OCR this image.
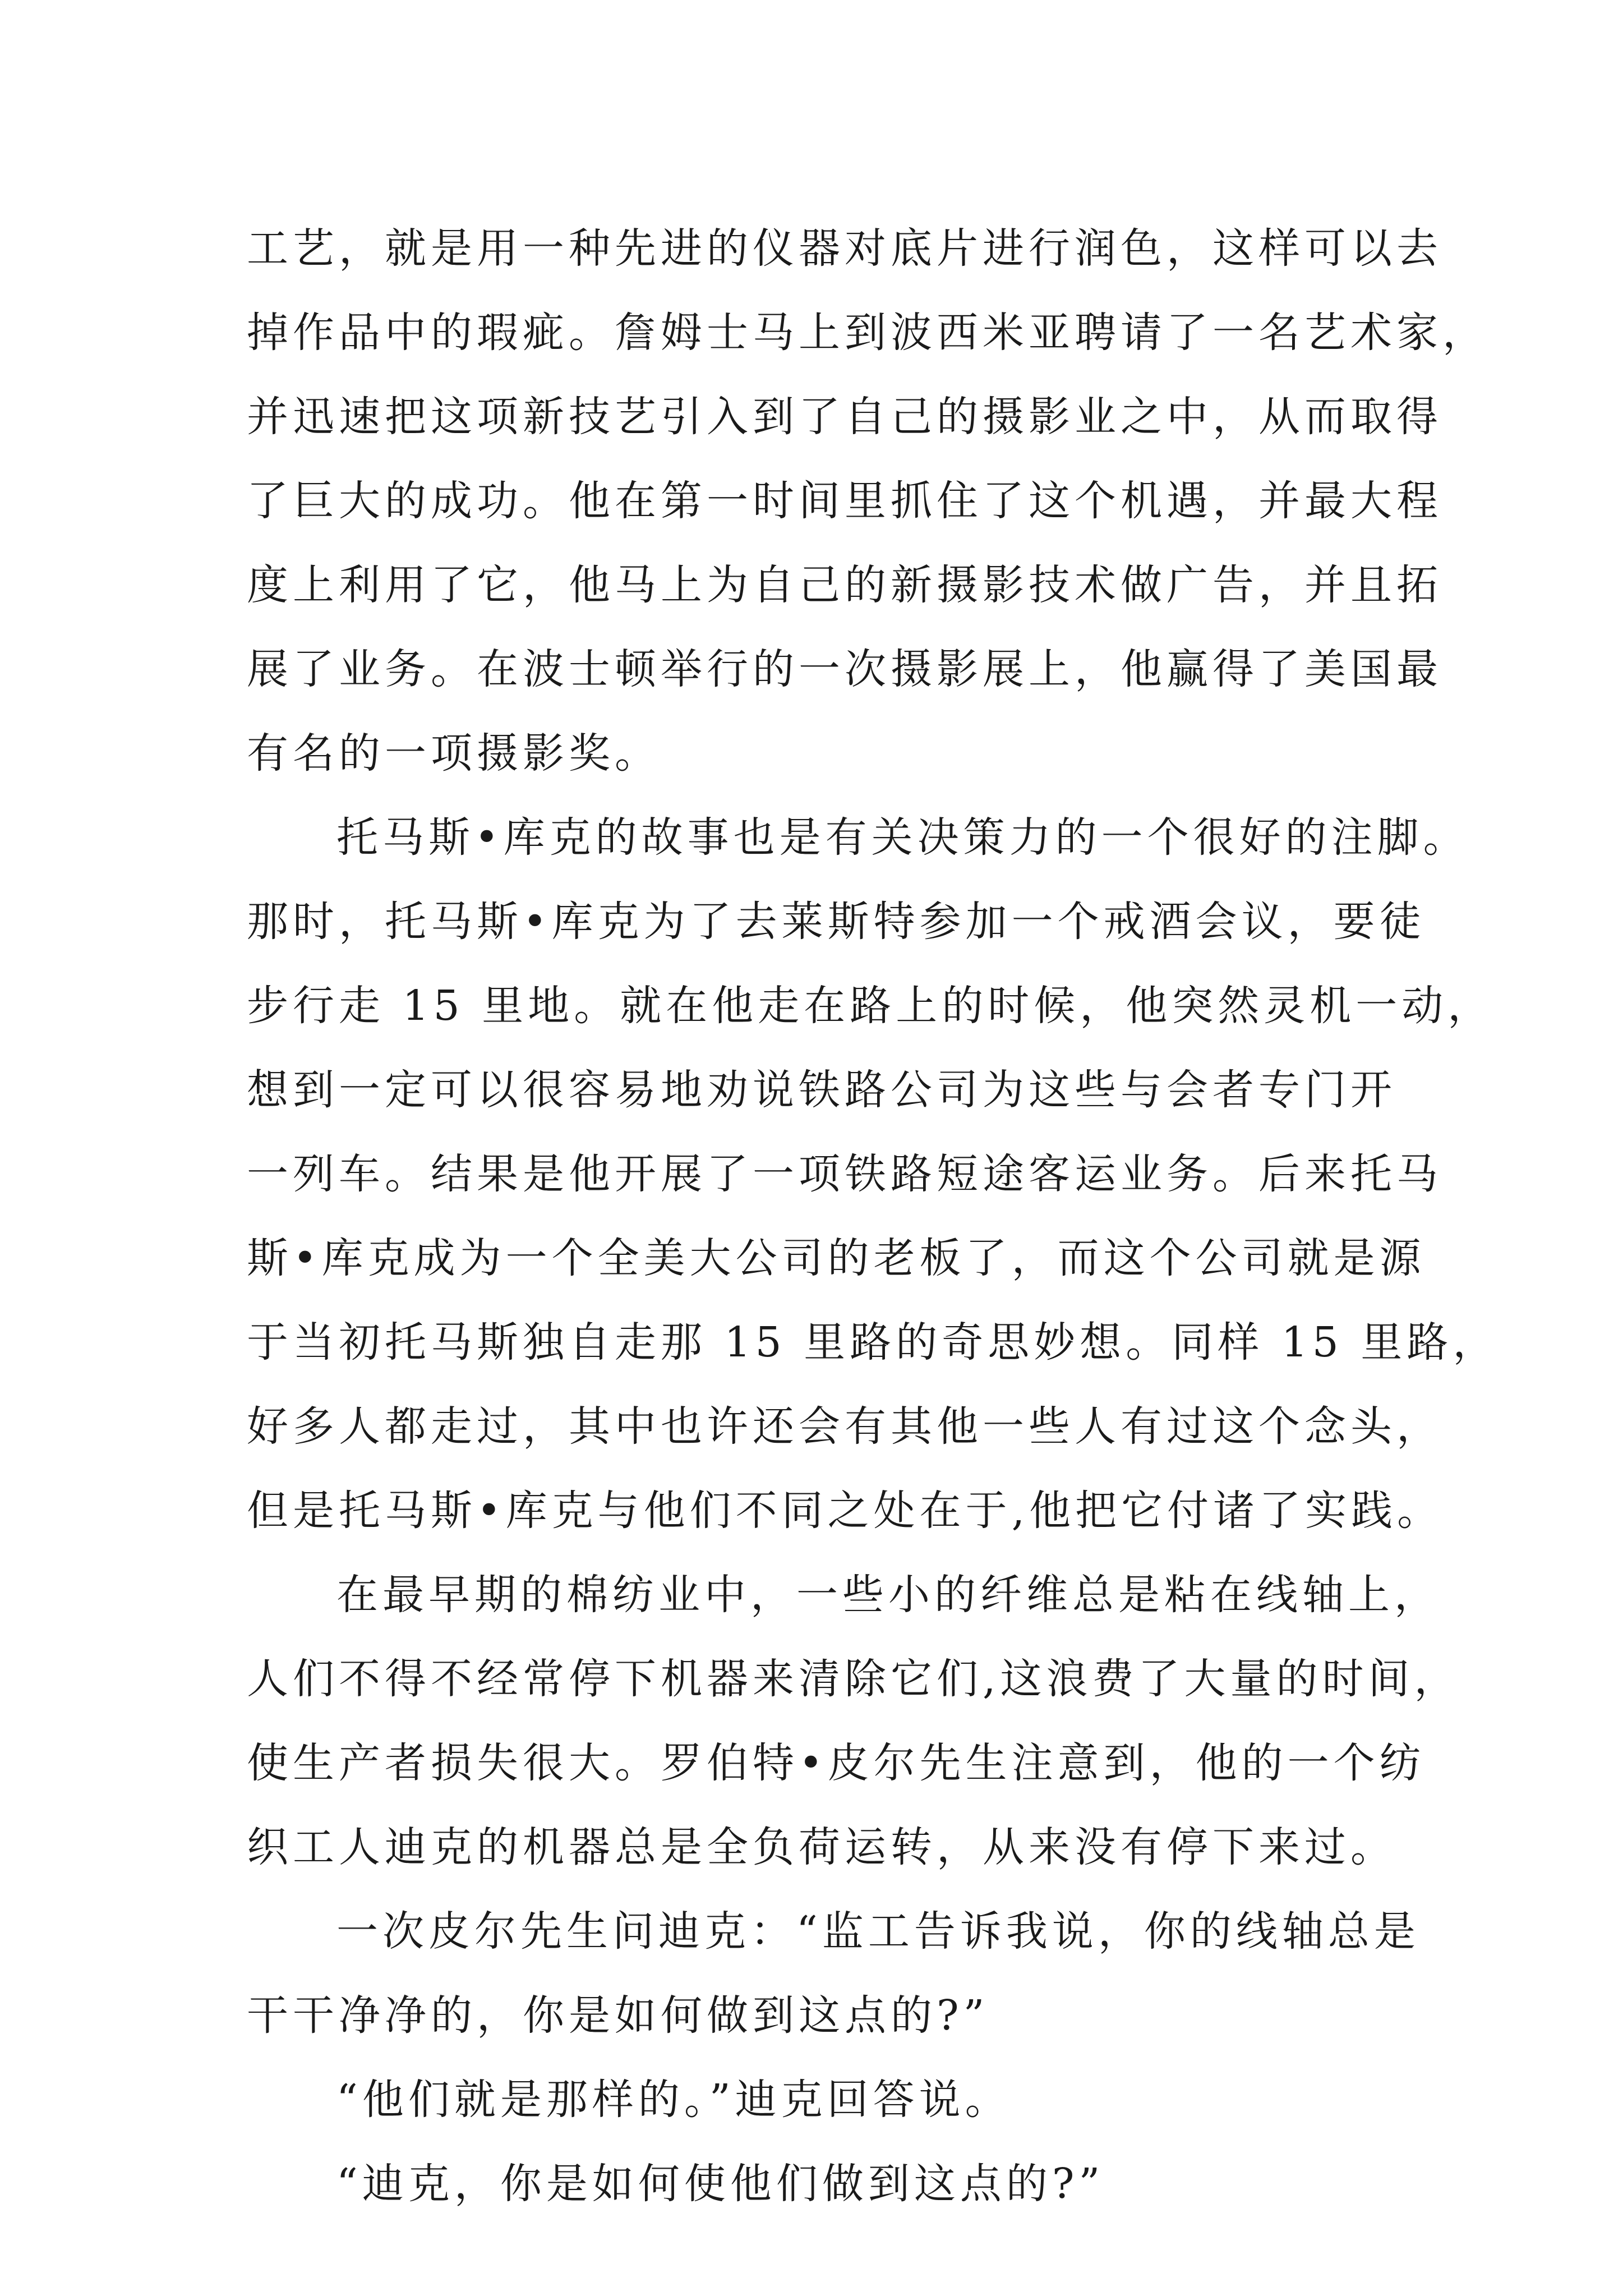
工艺，就是用一种先进的仪器对底片进行润色，这样可以去
掉作品中的瑕疵。詹姆士马上到波西米亚聘请了一名艺术家，
并迅速把这项新技艺引入到了自己的摄影业之中，从而取得
了巨大的成功。他在第一时间里抓住了这个机遇，并最大程
度上利用了它，他马上为自己的新摄影技术做广告，并且拓
展了业务。在波士顿举行的一次摄影展上，他赢得了美国最
有名的一项摄影奖。
托马斯•库克的故事也是有关决策力的一个很好的注脚。
那时，托马斯•库克为了去莱斯特参加一个戒酒会议，要徒
步行走 15 里地。就在他走在路上的时候，他突然灵机一动，
想到一定可以很容易地劝说铁路公司为这些与会者专门开
一列车。结果是他开展了一项铁路短途客运业务。后来托马
斯•库克成为一个全美大公司的老板了，而这个公司就是源
于当初托马斯独自走那 15 里路的奇思妙想。同样 15 里路，
好多人都走过，其中也许还会有其他一些人有过这个念头，
但是托马斯•库克与他们不同之处在于,他把它付诸了实践。
在最早期的棉纺业中，一些小的纤维总是粘在线轴上，
人们不得不经常停下机器来清除它们,这浪费了大量的时间，
使生产者损失很大。罗伯特•皮尔先生注意到，他的一个纺
织工人迪克的机器总是全负荷运转，从来没有停下来过。
一次皮尔先生问迪克：“监工告诉我说，你的线轴总是
干干净净的，你是如何做到这点的?”
“他们就是那样的。”迪克回答说。
“迪克，你是如何使他们做到这点的?”
